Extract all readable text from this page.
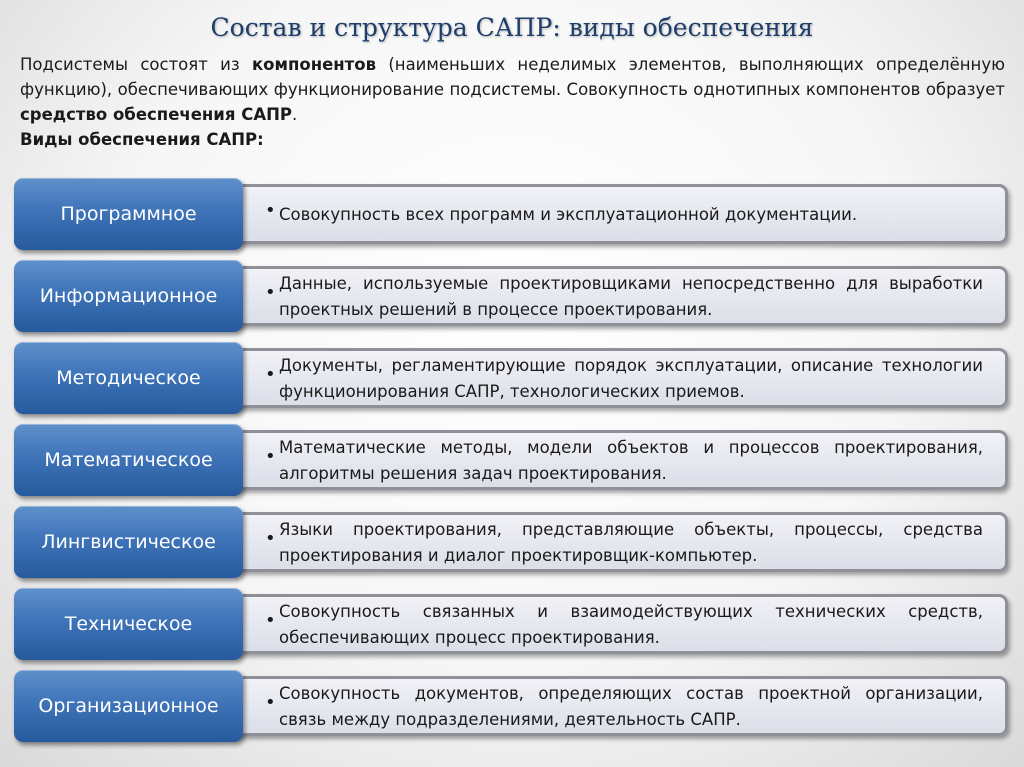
Состав и структура САПР: виды обеспечения

Подсистемы состоят из компонентов (наименьших неделимых элементов, выполняющих определённую функцию), обеспечивающих функционирование подсистемы. Совокупность однотипных компонентов образует средство обеспечения САПР.

Виды обеспечения САПР:

• Совокупность всех программ и эксплуатационной документации.
Программное
• Данные, используемые проектировщиками непосредственно для выработки проектных решений в процессе проектирования.
Информационное
• Документы, регламентирующие порядок эксплуатации, описание технологии функционирования САПР, технологических приемов.
Методическое
• Математические методы, модели объектов и процессов проектирования, алгоритмы решения задач проектирования.
Математическое
• Языки проектирования, представляющие объекты, процессы, средства проектирования и диалог проектировщик-компьютер.
Лингвистическое
• Совокупность связанных и взаимодействующих технических средств, обеспечивающих процесс проектирования.
Техническое
• Совокупность документов, определяющих состав проектной организации, связь между подразделениями, деятельность САПР.
Организационное
